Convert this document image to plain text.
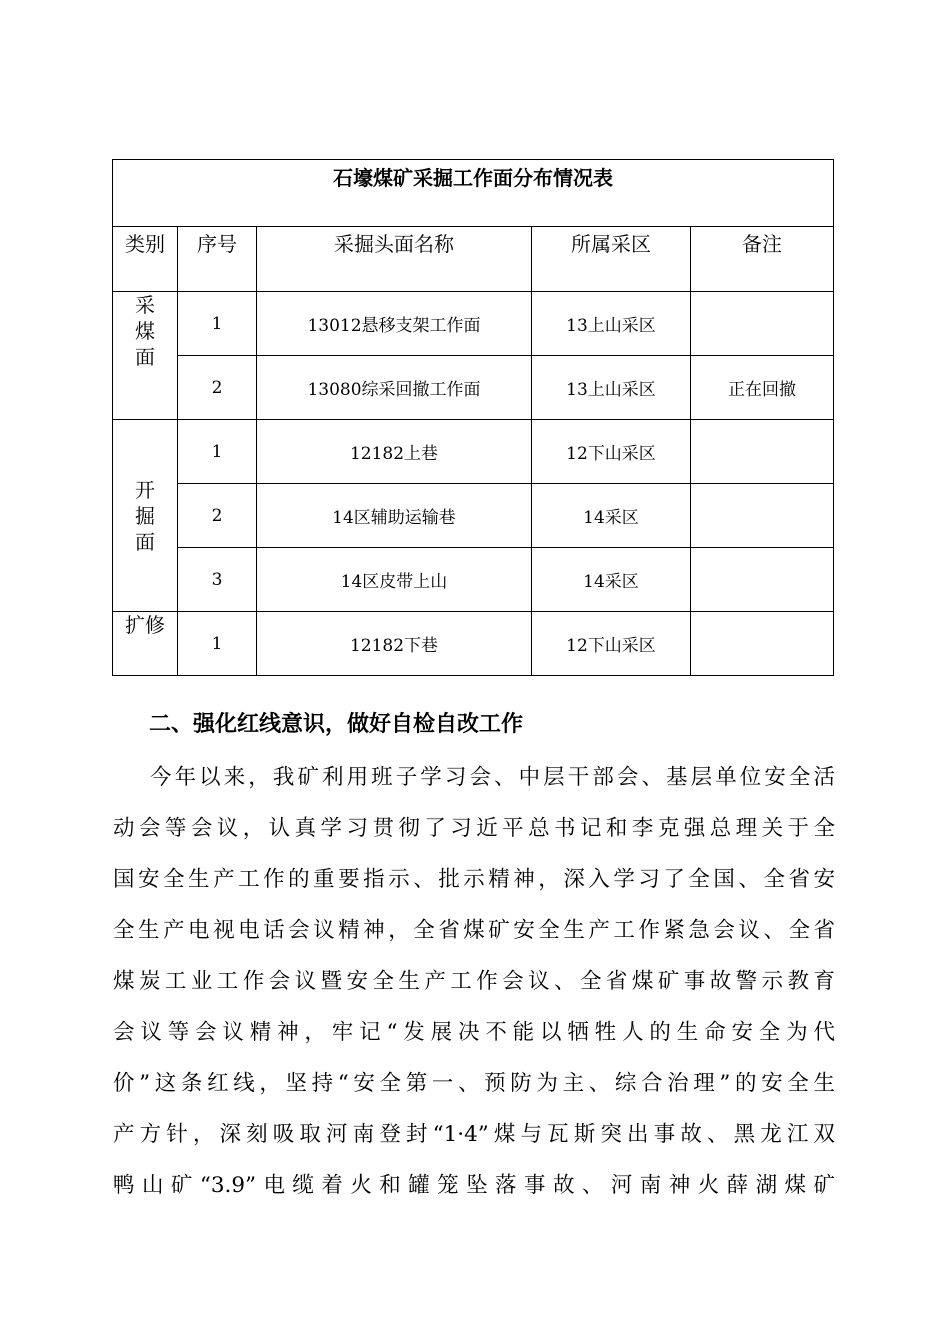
石壕煤矿采掘工作面分布情况表				
类别	序号	采掘头面名称	所属采区	备注

采
煤
面	1	13012悬移支架工作面	13上山采区	
	2	13080综采回撤工作面	13上山采区	正在回撤

开
掘
面	1	12182上巷	12下山采区	
	2	14区辅助运输巷	14采区	
	3	14区皮带上山	14采区	

扩修	1	12182下巷	12下山采区	
二、强化红线意识，做好自检自改工作
今年以来，我矿利用班子学习会、中层干部会、基层单位安全活
动会等会议，认真学习贯彻了习近平总书记和李克强总理关于全
国安全生产工作的重要指示、批示精神，深入学习了全国、全省安
全生产电视电话会议精神，全省煤矿安全生产工作紧急会议、全省
煤炭工业工作会议暨安全生产工作会议、全省煤矿事故警示教育
会议等会议精神，牢记“发展决不能以牺牲人的生命安全为代
价”这条红线，坚持“安全第一、预防为主、综合治理”的安全生
产方针，深刻吸取河南登封“1·4”煤与瓦斯突出事故、黑龙江双
鸭山矿“3.9”电缆着火和罐笼坠落事故、河南神火薛湖煤矿
